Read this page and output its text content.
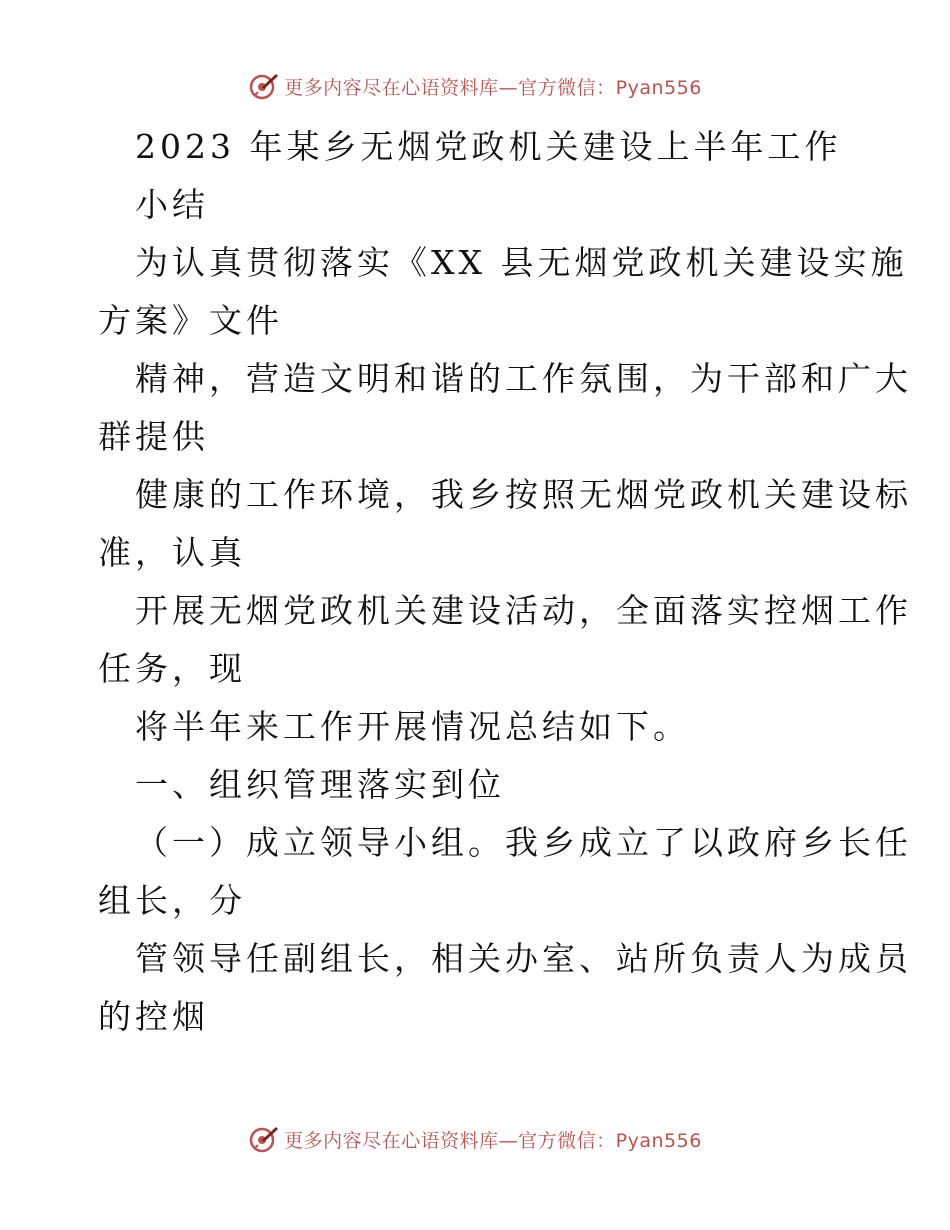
更多内容尽在心语资料库—官方微信：Pyan556
2023 年某乡无烟党政机关建设上半年工作
小结
为认真贯彻落实《XX 县无烟党政机关建设实施
方案》文件
精神，营造文明和谐的工作氛围，为干部和广大
群提供
健康的工作环境，我乡按照无烟党政机关建设标
准，认真
开展无烟党政机关建设活动，全面落实控烟工作
任务，现
将半年来工作开展情况总结如下。
一、组织管理落实到位
（一）成立领导小组。我乡成立了以政府乡长任
组长，分
管领导任副组长，相关办室、站所负责人为成员
的控烟
更多内容尽在心语资料库—官方微信：Pyan556
